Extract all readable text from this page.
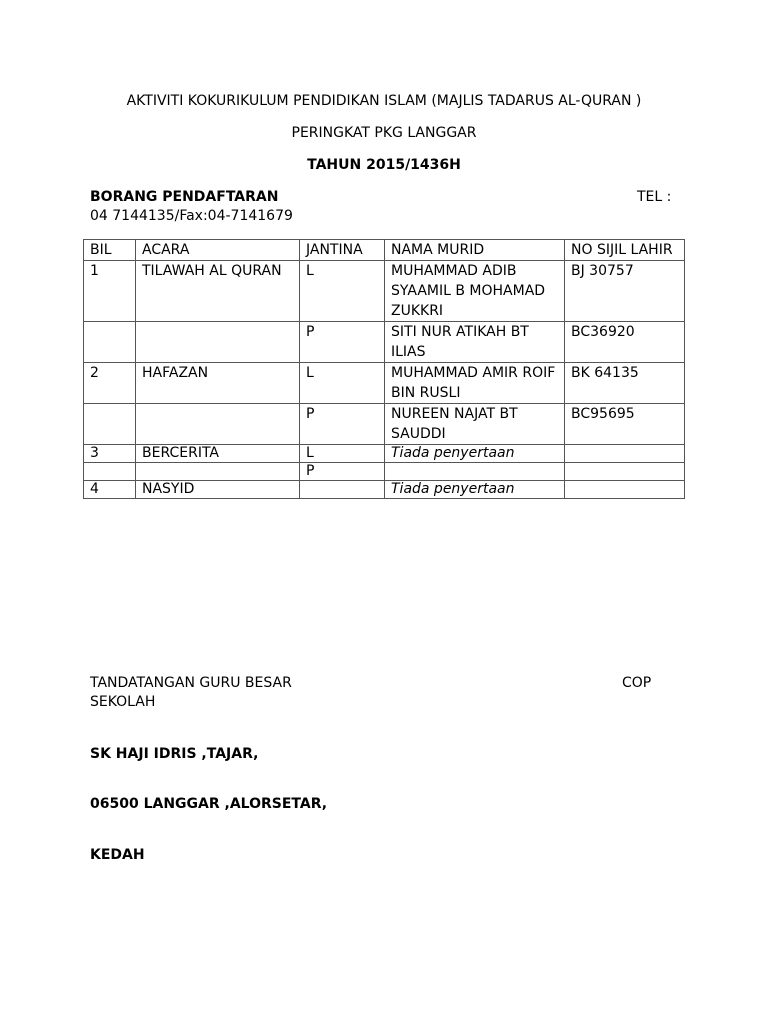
AKTIVITI KOKURIKULUM PENDIDIKAN ISLAM (MAJLIS TADARUS AL-QURAN )
PERINGKAT PKG LANGGAR
TAHUN 2015/1436H
BORANG PENDAFTARAN	TEL :
04 7144135/Fax:04-7141679
BIL	ACARA	JANTINA	NAMA MURID	NO SIJIL LAHIR
1	TILAWAH AL QURAN	L	MUHAMMAD ADIB SYAAMIL B MOHAMAD ZUKKRI	BJ 30757
		P	SITI NUR ATIKAH BT ILIAS	BC36920
2	HAFAZAN	L	MUHAMMAD AMIR ROIF BIN RUSLI	BK 64135
		P	NUREEN NAJAT BT SAUDDI	BC95695
3	BERCERITA	L	Tiada penyertaan	
		P		
4	NASYID		Tiada penyertaan	
TANDATANGAN GURU BESAR	COP
SEKOLAH
SK HAJI IDRIS ,TAJAR,
06500 LANGGAR ,ALORSETAR,
KEDAH
